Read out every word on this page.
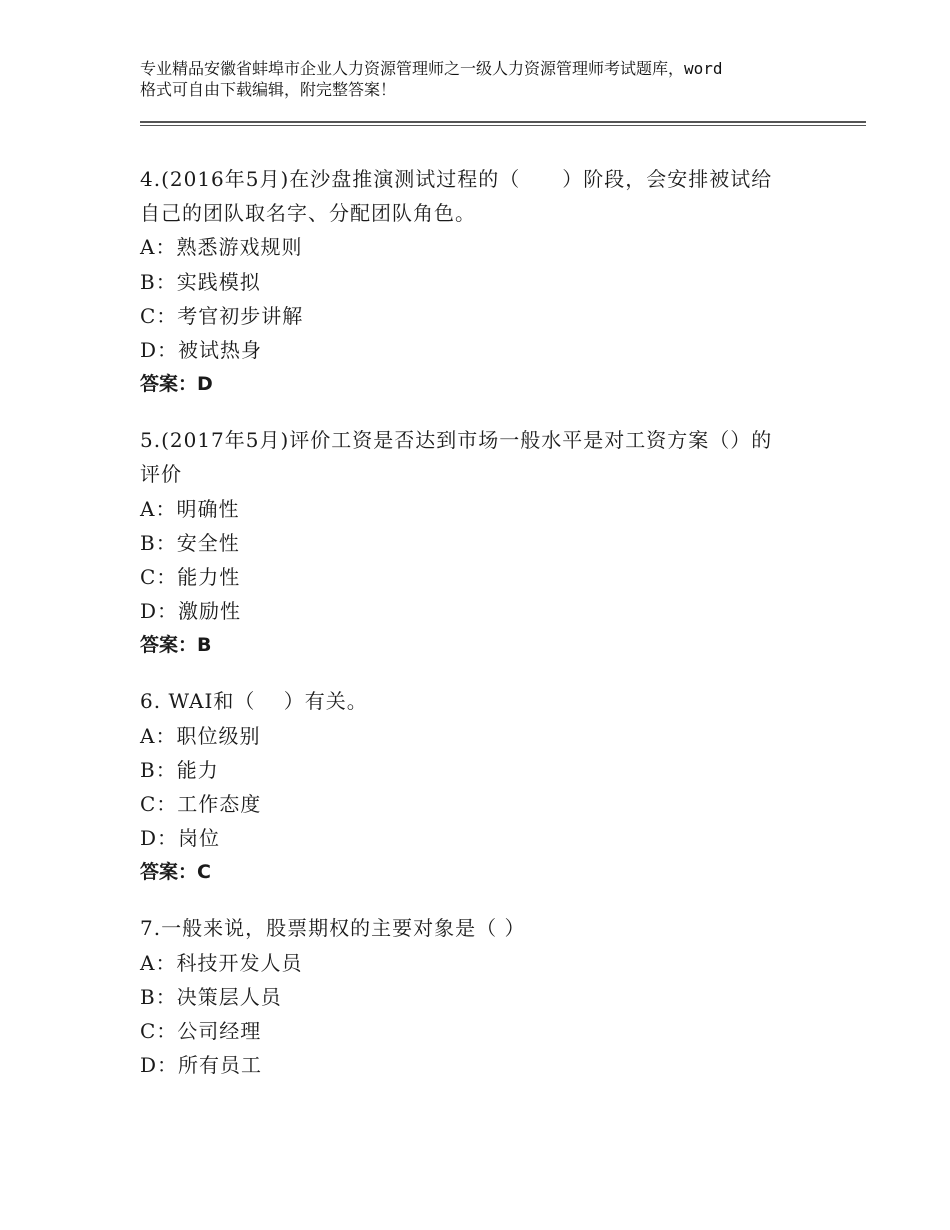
专业精品安徽省蚌埠市企业人力资源管理师之一级人力资源管理师考试题库，word
格式可自由下载编辑，附完整答案！
4.(2016年5月)在沙盘推演测试过程的（　　）阶段，会安排被试给
自己的团队取名字、分配团队角色。
A：熟悉游戏规则
B：实践模拟
C：考官初步讲解
D：被试热身
答案：D
5.(2017年5月)评价工资是否达到市场一般水平是对工资方案（）的
评价
A：明确性
B：安全性
C：能力性
D：激励性
答案：B
6. WAI和（　 ）有关。
A：职位级别
B：能力
C：工作态度
D：岗位
答案：C
7.一般来说，股票期权的主要对象是（ ）
A：科技开发人员
B：决策层人员
C：公司经理
D：所有员工
